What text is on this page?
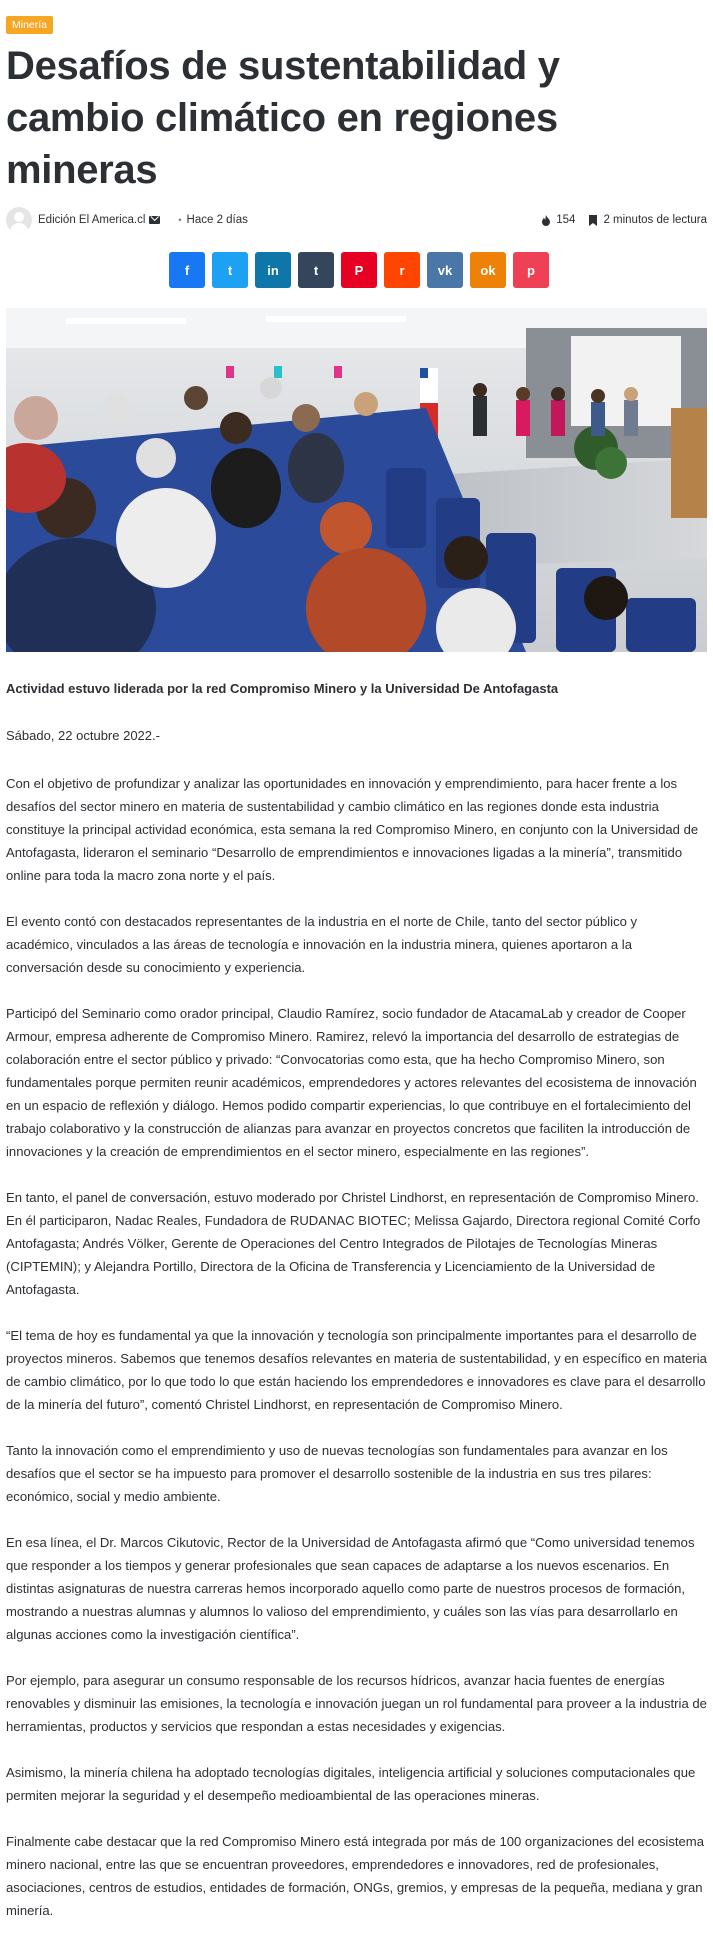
Minería
Desafíos de sustentabilidad y cambio climático en regiones mineras
Edición El America.cl	• Hace 2 días	154 2 minutos de lectura
f	t	in	t	P	r	vk ok p

Actividad estuvo liderada por la red Compromiso Minero y la Universidad De Antofagasta

Sábado, 22 octubre 2022.-

Con el objetivo de profundizar y analizar las oportunidades en innovación y emprendimiento, para hacer frente a los desafíos del sector minero en materia de sustentabilidad y cambio climático en las regiones donde esta industria constituye la principal actividad económica, esta semana la red Compromiso Minero, en conjunto con la Universidad de Antofagasta, lideraron el seminario “Desarrollo de emprendimientos e innovaciones ligadas a la minería”, transmitido online para toda la macro zona norte y el país.

El evento contó con destacados representantes de la industria en el norte de Chile, tanto del sector público y académico, vinculados a las áreas de tecnología e innovación en la industria minera, quienes aportaron a la conversación desde su conocimiento y experiencia.

Participó del Seminario como orador principal, Claudio Ramírez, socio fundador de AtacamaLab y creador de Cooper Armour, empresa adherente de Compromiso Minero. Ramirez, relevó la importancia del desarrollo de estrategias de colaboración entre el sector público y privado: “Convocatorias como esta, que ha hecho Compromiso Minero, son fundamentales porque permiten reunir académicos, emprendedores y actores relevantes del ecosistema de innovación en un espacio de reflexión y diálogo. Hemos podido compartir experiencias, lo que contribuye en el fortalecimiento del trabajo colaborativo y la construcción de alianzas para avanzar en proyectos concretos que faciliten la introducción de innovaciones y la creación de emprendimientos en el sector minero, especialmente en las regiones”.

En tanto, el panel de conversación, estuvo moderado por Christel Lindhorst, en representación de Compromiso Minero. En él participaron, Nadac Reales, Fundadora de RUDANAC BIOTEC; Melissa Gajardo, Directora regional Comité Corfo Antofagasta; Andrés Völker, Gerente de Operaciones del Centro Integrados de Pilotajes de Tecnologías Mineras (CIPTEMIN); y Alejandra Portillo, Directora de la Oficina de Transferencia y Licenciamiento de la Universidad de Antofagasta.

“El tema de hoy es fundamental ya que la innovación y tecnología son principalmente importantes para el desarrollo de proyectos mineros. Sabemos que tenemos desafíos relevantes en materia de sustentabilidad, y en específico en materia de cambio climático, por lo que todo lo que están haciendo los emprendedores e innovadores es clave para el desarrollo de la minería del futuro”, comentó Christel Lindhorst, en representación de Compromiso Minero.

Tanto la innovación como el emprendimiento y uso de nuevas tecnologías son fundamentales para avanzar en los desafíos que el sector se ha impuesto para promover el desarrollo sostenible de la industria en sus tres pilares: económico, social y medio ambiente.

En esa línea, el Dr. Marcos Cikutovic, Rector de la Universidad de Antofagasta afirmó que “Como universidad tenemos que responder a los tiempos y generar profesionales que sean capaces de adaptarse a los nuevos escenarios. En distintas asignaturas de nuestra carreras hemos incorporado aquello como parte de nuestros procesos de formación, mostrando a nuestras alumnas y alumnos lo valioso del emprendimiento, y cuáles son las vías para desarrollarlo en algunas acciones como la investigación científica”.

Por ejemplo, para asegurar un consumo responsable de los recursos hídricos, avanzar hacia fuentes de energías renovables y disminuir las emisiones, la tecnología e innovación juegan un rol fundamental para proveer a la industria de herramientas, productos y servicios que respondan a estas necesidades y exigencias.

Asimismo, la minería chilena ha adoptado tecnologías digitales, inteligencia artificial y soluciones computacionales que permiten mejorar la seguridad y el desempeño medioambiental de las operaciones mineras.

Finalmente cabe destacar que la red Compromiso Minero está integrada por más de 100 organizaciones del ecosistema minero nacional, entre las que se encuentran proveedores, emprendedores e innovadores, red de profesionales, asociaciones, centros de estudios, entidades de formación, ONGs, gremios, y empresas de la pequeña, mediana y gran minería.
